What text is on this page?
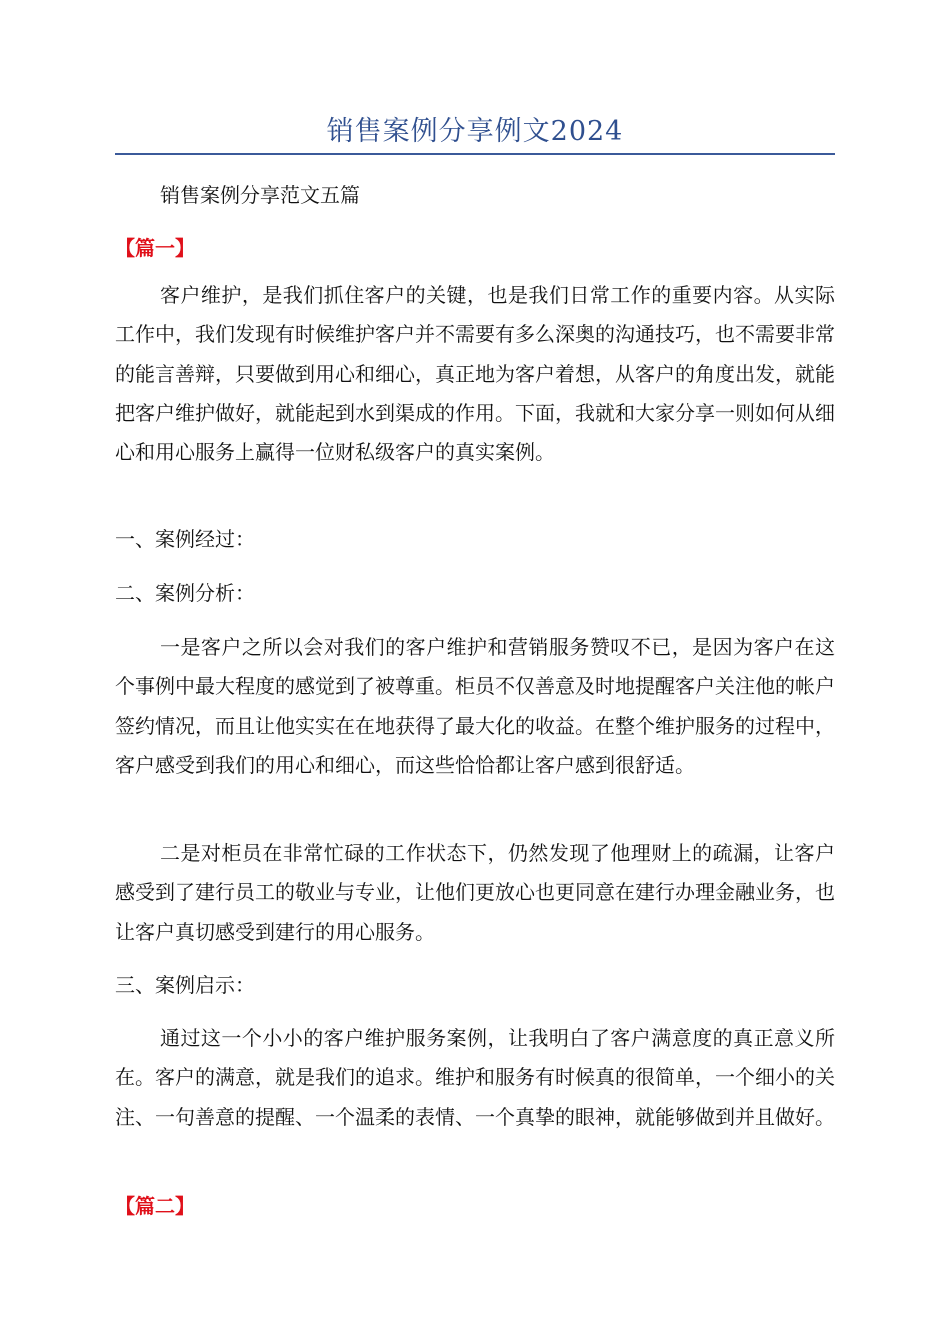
销售案例分享例文2024
销售案例分享范文五篇
【篇一】

客户维护，是我们抓住客户的关键，也是我们日常工作的重要内容。从实际工作中，我们发现有时候维护客户并不需要有多么深奥的沟通技巧，也不需要非常的能言善辩，只要做到用心和细心，真正地为客户着想，从客户的角度出发，就能把客户维护做好，就能起到水到渠成的作用。下面，我就和大家分享一则如何从细心和用心服务上赢得一位财私级客户的真实案例。

一、案例经过：
二、案例分析：

一是客户之所以会对我们的客户维护和营销服务赞叹不已，是因为客户在这个事例中最大程度的感觉到了被尊重。柜员不仅善意及时地提醒客户关注他的帐户签约情况，而且让他实实在在地获得了最大化的收益。在整个维护服务的过程中，客户感受到我们的用心和细心，而这些恰恰都让客户感到很舒适。

二是对柜员在非常忙碌的工作状态下，仍然发现了他理财上的疏漏，让客户感受到了建行员工的敬业与专业，让他们更放心也更同意在建行办理金融业务，也让客户真切感受到建行的用心服务。

三、案例启示：

通过这一个小小的客户维护服务案例，让我明白了客户满意度的真正意义所在。客户的满意，就是我们的追求。维护和服务有时候真的很简单，一个细小的关注、一句善意的提醒、一个温柔的表情、一个真挚的眼神，就能够做到并且做好。

【篇二】
